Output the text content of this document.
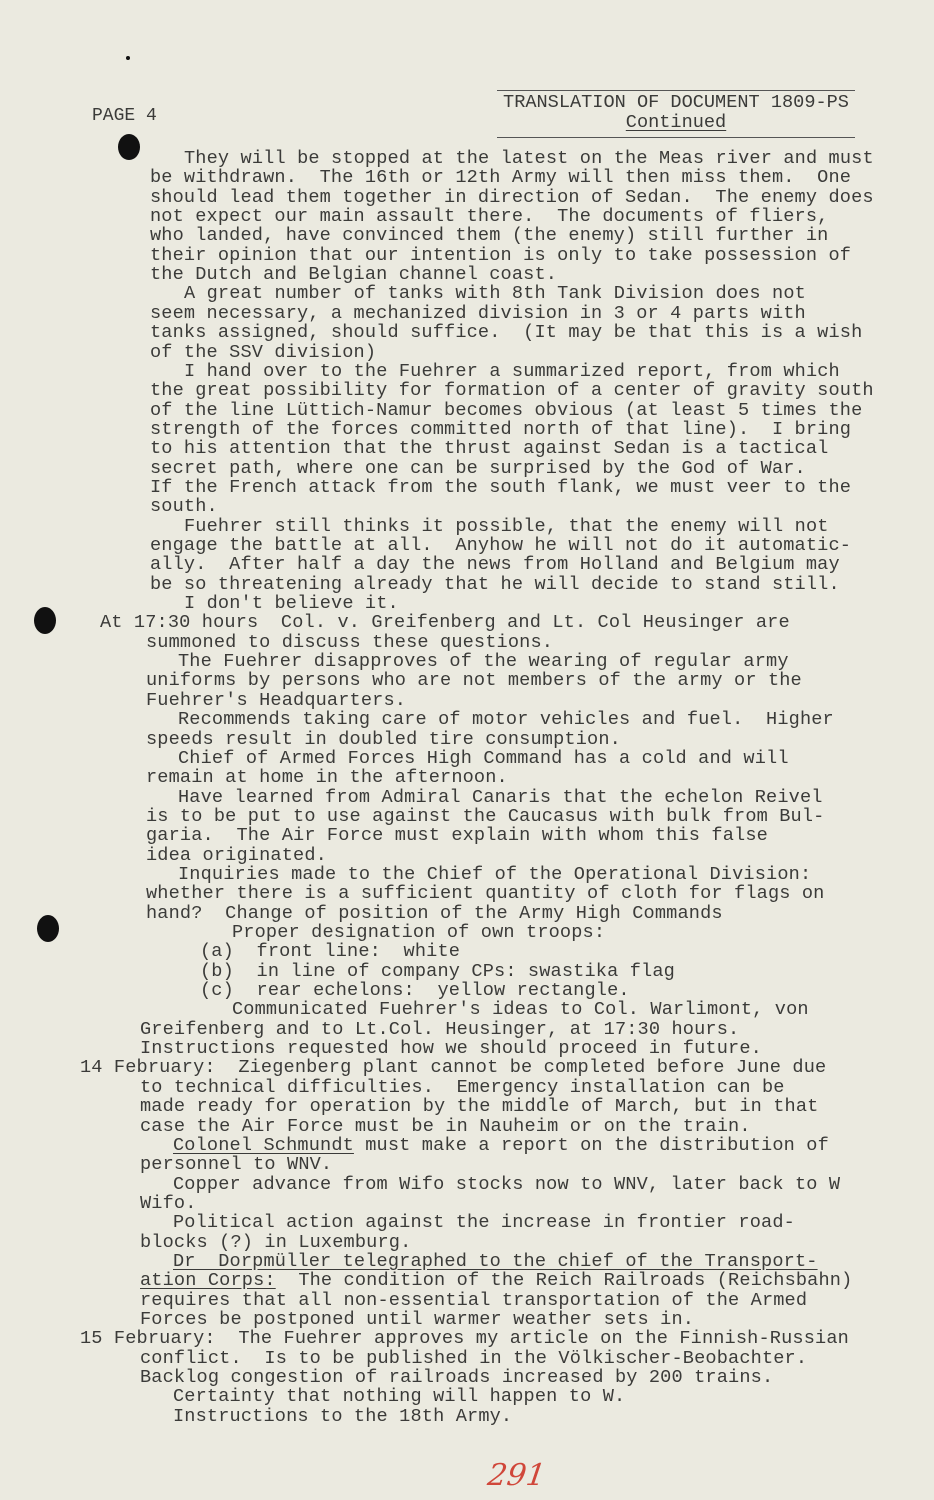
PAGE 4
TRANSLATION OF DOCUMENT 1809-PS
Continued
They will be stopped at the latest on the Meas river and must
be withdrawn.  The 16th or 12th Army will then miss them.  One
should lead them together in direction of Sedan.  The enemy does
not expect our main assault there.  The documents of fliers,
who landed, have convinced them (the enemy) still further in
their opinion that our intention is only to take possession of
the Dutch and Belgian channel coast.
A great number of tanks with 8th Tank Division does not
seem necessary, a mechanized division in 3 or 4 parts with
tanks assigned, should suffice.  (It may be that this is a wish
of the SSV division)
I hand over to the Fuehrer a summarized report, from which
the great possibility for formation of a center of gravity south
of the line Lüttich-Namur becomes obvious (at least 5 times the
strength of the forces committed north of that line).  I bring
to his attention that the thrust against Sedan is a tactical
secret path, where one can be surprised by the God of War.
If the French attack from the south flank, we must veer to the
south.
Fuehrer still thinks it possible, that the enemy will not
engage the battle at all.  Anyhow he will not do it automatic-
ally.  After half a day the news from Holland and Belgium may
be so threatening already that he will decide to stand still.
I don't believe it.
At 17:30 hours  Col. v. Greifenberg and Lt. Col Heusinger are
summoned to discuss these questions.
The Fuehrer disapproves of the wearing of regular army
uniforms by persons who are not members of the army or the
Fuehrer's Headquarters.
Recommends taking care of motor vehicles and fuel.  Higher
speeds result in doubled tire consumption.
Chief of Armed Forces High Command has a cold and will
remain at home in the afternoon.
Have learned from Admiral Canaris that the echelon Reivel
is to be put to use against the Caucasus with bulk from Bul-
garia.  The Air Force must explain with whom this false
idea originated.
Inquiries made to the Chief of the Operational Division:
whether there is a sufficient quantity of cloth for flags on
hand?  Change of position of the Army High Commands
Proper designation of own troops:
(a)  front line:  white
(b)  in line of company CPs: swastika flag
(c)  rear echelons:  yellow rectangle.
Communicated Fuehrer's ideas to Col. Warlimont, von
Greifenberg and to Lt.Col. Heusinger, at 17:30 hours.
Instructions requested how we should proceed in future.
14 February:  Ziegenberg plant cannot be completed before June due
to technical difficulties.  Emergency installation can be
made ready for operation by the middle of March, but in that
case the Air Force must be in Nauheim or on the train.
Colonel Schmundt must make a report on the distribution of
personnel to WNV.
Copper advance from Wifo stocks now to WNV, later back to W
Wifo.
Political action against the increase in frontier road-
blocks (?) in Luxemburg.
Dr  Dorpmüller telegraphed to the chief of the Transport-
ation Corps:  The condition of the Reich Railroads (Reichsbahn)
requires that all non-essential transportation of the Armed
Forces be postponed until warmer weather sets in.
15 February:  The Fuehrer approves my article on the Finnish-Russian
conflict.  Is to be published in the Völkischer-Beobachter.
Backlog congestion of railroads increased by 200 trains.
Certainty that nothing will happen to W.
Instructions to the 18th Army.
291
